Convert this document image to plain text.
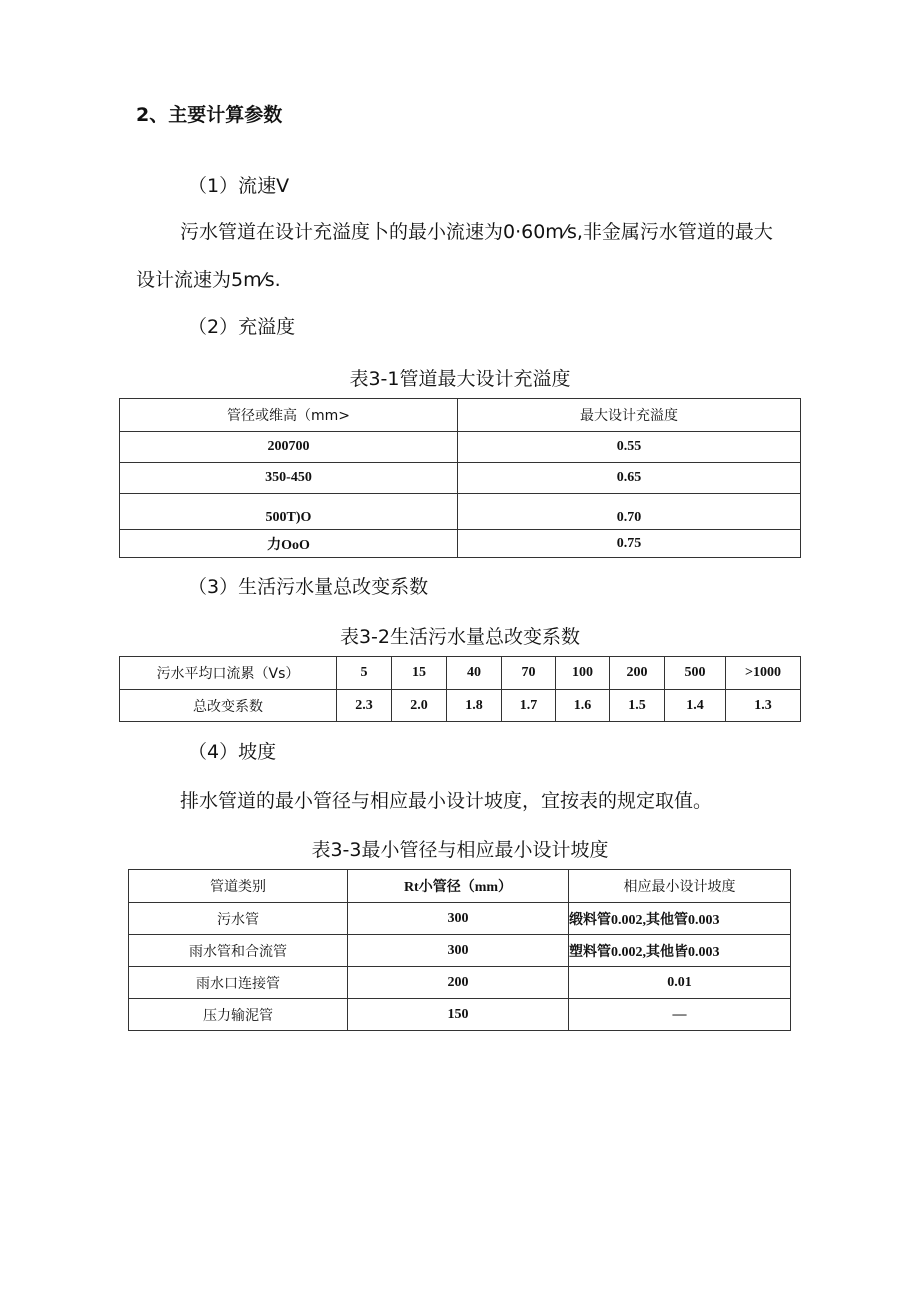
2、主要计算参数
（1）流速V
污水管道在设计充溢度卜的最小流速为0·60m⁄s,非金属污水管道的最大
设计流速为5m⁄s.
（2）充溢度
表3-1管道最大设计充溢度
管径或维高（mm>	最大设计充溢度
200700	0.55
350-450	0.65
500T)O	0.70
力OoO	0.75
（3）生活污水量总改变系数
表3-2生活污水量总改变系数
污水平均口流累（Vs）	5	15	40	70	100	200	500	>1000
总改变系数	2.3	2.0	1.8	1.7	1.6	1.5	1.4	1.3
（4）坡度
排水管道的最小管径与相应最小设计坡度，宜按表的规定取值。
表3-3最小管径与相应最小设计坡度
管道类别	Rt小管径（mm）	相应最小设计坡度
污水管	300	缎料管0.002,其他管0.003
雨水管和合流管	300	塑料管0.002,其他皆0.003
雨水口连接管	200	0.01
压力输泥管	150	—
